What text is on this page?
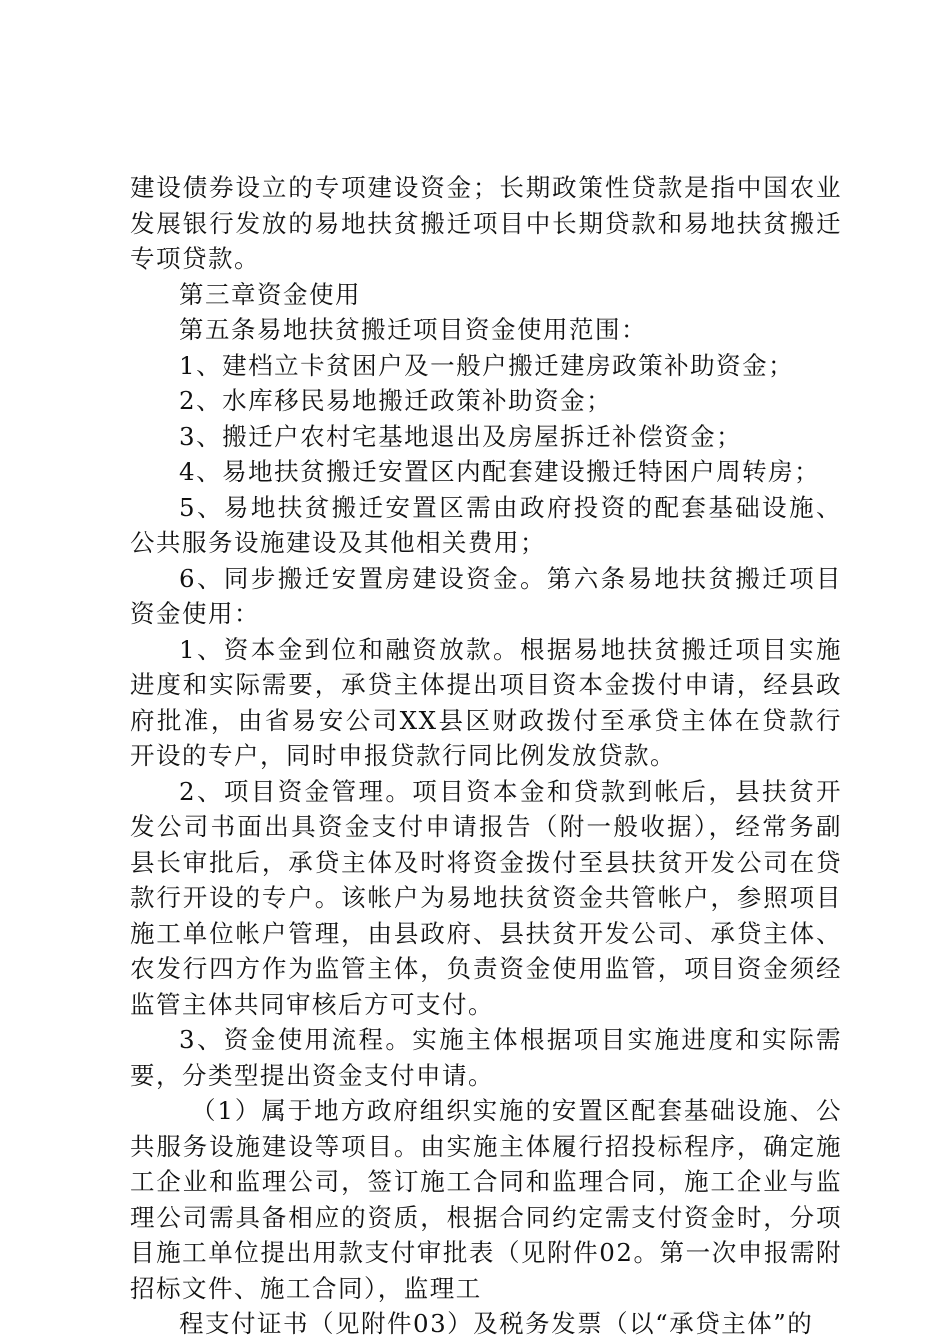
建设债券设立的专项建设资金；长期政策性贷款是指中国农业发展银行发放的易地扶贫搬迁项目中长期贷款和易地扶贫搬迁专项贷款。

第三章资金使用

第五条易地扶贫搬迁项目资金使用范围：

1、建档立卡贫困户及一般户搬迁建房政策补助资金；

2、水库移民易地搬迁政策补助资金；

3、搬迁户农村宅基地退出及房屋拆迁补偿资金；

4、易地扶贫搬迁安置区内配套建设搬迁特困户周转房；

5、易地扶贫搬迁安置区需由政府投资的配套基础设施、公共服务设施建设及其他相关费用；

6、同步搬迁安置房建设资金。第六条易地扶贫搬迁项目资金使用：

1、资本金到位和融资放款。根据易地扶贫搬迁项目实施进度和实际需要，承贷主体提出项目资本金拨付申请，经县政府批准，由省易安公司XX县区财政拨付至承贷主体在贷款行开设的专户，同时申报贷款行同比例发放贷款。

2、项目资金管理。项目资本金和贷款到帐后，县扶贫开发公司书面出具资金支付申请报告（附一般收据），经常务副县长审批后，承贷主体及时将资金拨付至县扶贫开发公司在贷款行开设的专户。该帐户为易地扶贫资金共管帐户，参照项目施工单位帐户管理，由县政府、县扶贫开发公司、承贷主体、农发行四方作为监管主体，负责资金使用监管，项目资金须经监管主体共同审核后方可支付。

3、资金使用流程。实施主体根据项目实施进度和实际需要，分类型提出资金支付申请。

（1）属于地方政府组织实施的安置区配套基础设施、公共服务设施建设等项目。由实施主体履行招投标程序，确定施工企业和监理公司，签订施工合同和监理合同，施工企业与监理公司需具备相应的资质，根据合同约定需支付资金时，分项目施工单位提出用款支付审批表（见附件02。第一次申报需附招标文件、施工合同），监理工

程支付证书（见附件03）及税务发票（以“承贷主体”的
